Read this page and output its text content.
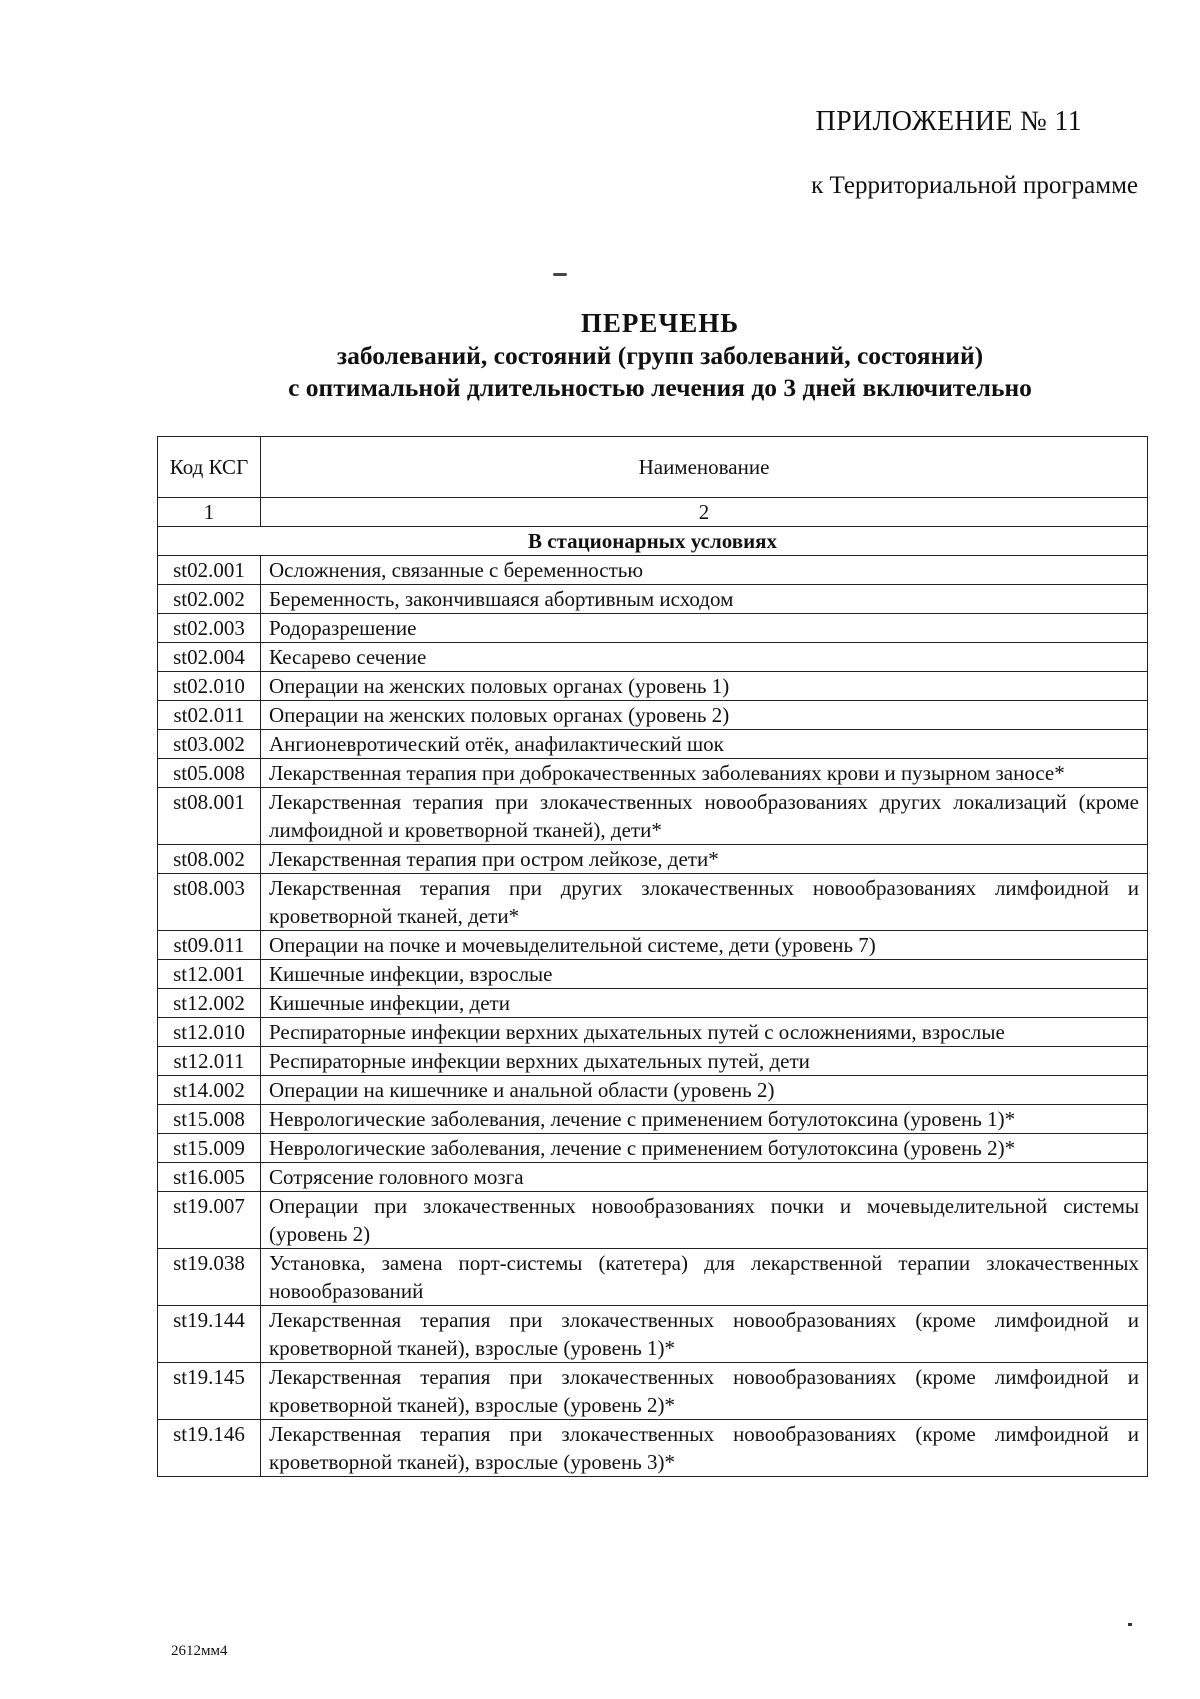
ПРИЛОЖЕНИЕ № 11
к Территориальной программе
ПЕРЕЧЕНЬ
заболеваний, состояний (групп заболеваний, состояний)
с оптимальной длительностью лечения до 3 дней включительно
Код КСГ	Наименование
1	2
В стационарных условиях	
st02.001	Осложнения, связанные с беременностью
st02.002	Беременность, закончившаяся абортивным исходом
st02.003	Родоразрешение
st02.004	Кесарево сечение
st02.010	Операции на женских половых органах (уровень 1)
st02.011	Операции на женских половых органах (уровень 2)
st03.002	Ангионевротический отёк, анафилактический шок
st05.008	Лекарственная терапия при доброкачественных заболеваниях крови и пузырном заносе*
st08.001	Лекарственная терапия при злокачественных новообразованиях других локализаций (кроме лимфоидной и кроветворной тканей), дети*
st08.002	Лекарственная терапия при остром лейкозе, дети*
st08.003	Лекарственная терапия при других злокачественных новообразованиях лимфоидной и кроветворной тканей, дети*
st09.011	Операции на почке и мочевыделительной системе, дети (уровень 7)
st12.001	Кишечные инфекции, взрослые
st12.002	Кишечные инфекции, дети
st12.010	Респираторные инфекции верхних дыхательных путей с осложнениями, взрослые
st12.011	Респираторные инфекции верхних дыхательных путей, дети
st14.002	Операции на кишечнике и анальной области (уровень 2)
st15.008	Неврологические заболевания, лечение с применением ботулотоксина (уровень 1)*
st15.009	Неврологические заболевания, лечение с применением ботулотоксина (уровень 2)*
st16.005	Сотрясение головного мозга
st19.007	Операции при злокачественных новообразованиях почки и мочевыделительной системы (уровень 2)
st19.038	Установка, замена порт-системы (катетера) для лекарственной терапии злокачественных новообразований
st19.144	Лекарственная терапия при злокачественных новообразованиях (кроме лимфоидной и кроветворной тканей), взрослые (уровень 1)*
st19.145	Лекарственная терапия при злокачественных новообразованиях (кроме лимфоидной и кроветворной тканей), взрослые (уровень 2)*
st19.146	Лекарственная терапия при злокачественных новообразованиях (кроме лимфоидной и кроветворной тканей), взрослые (уровень 3)*
2612мм4
